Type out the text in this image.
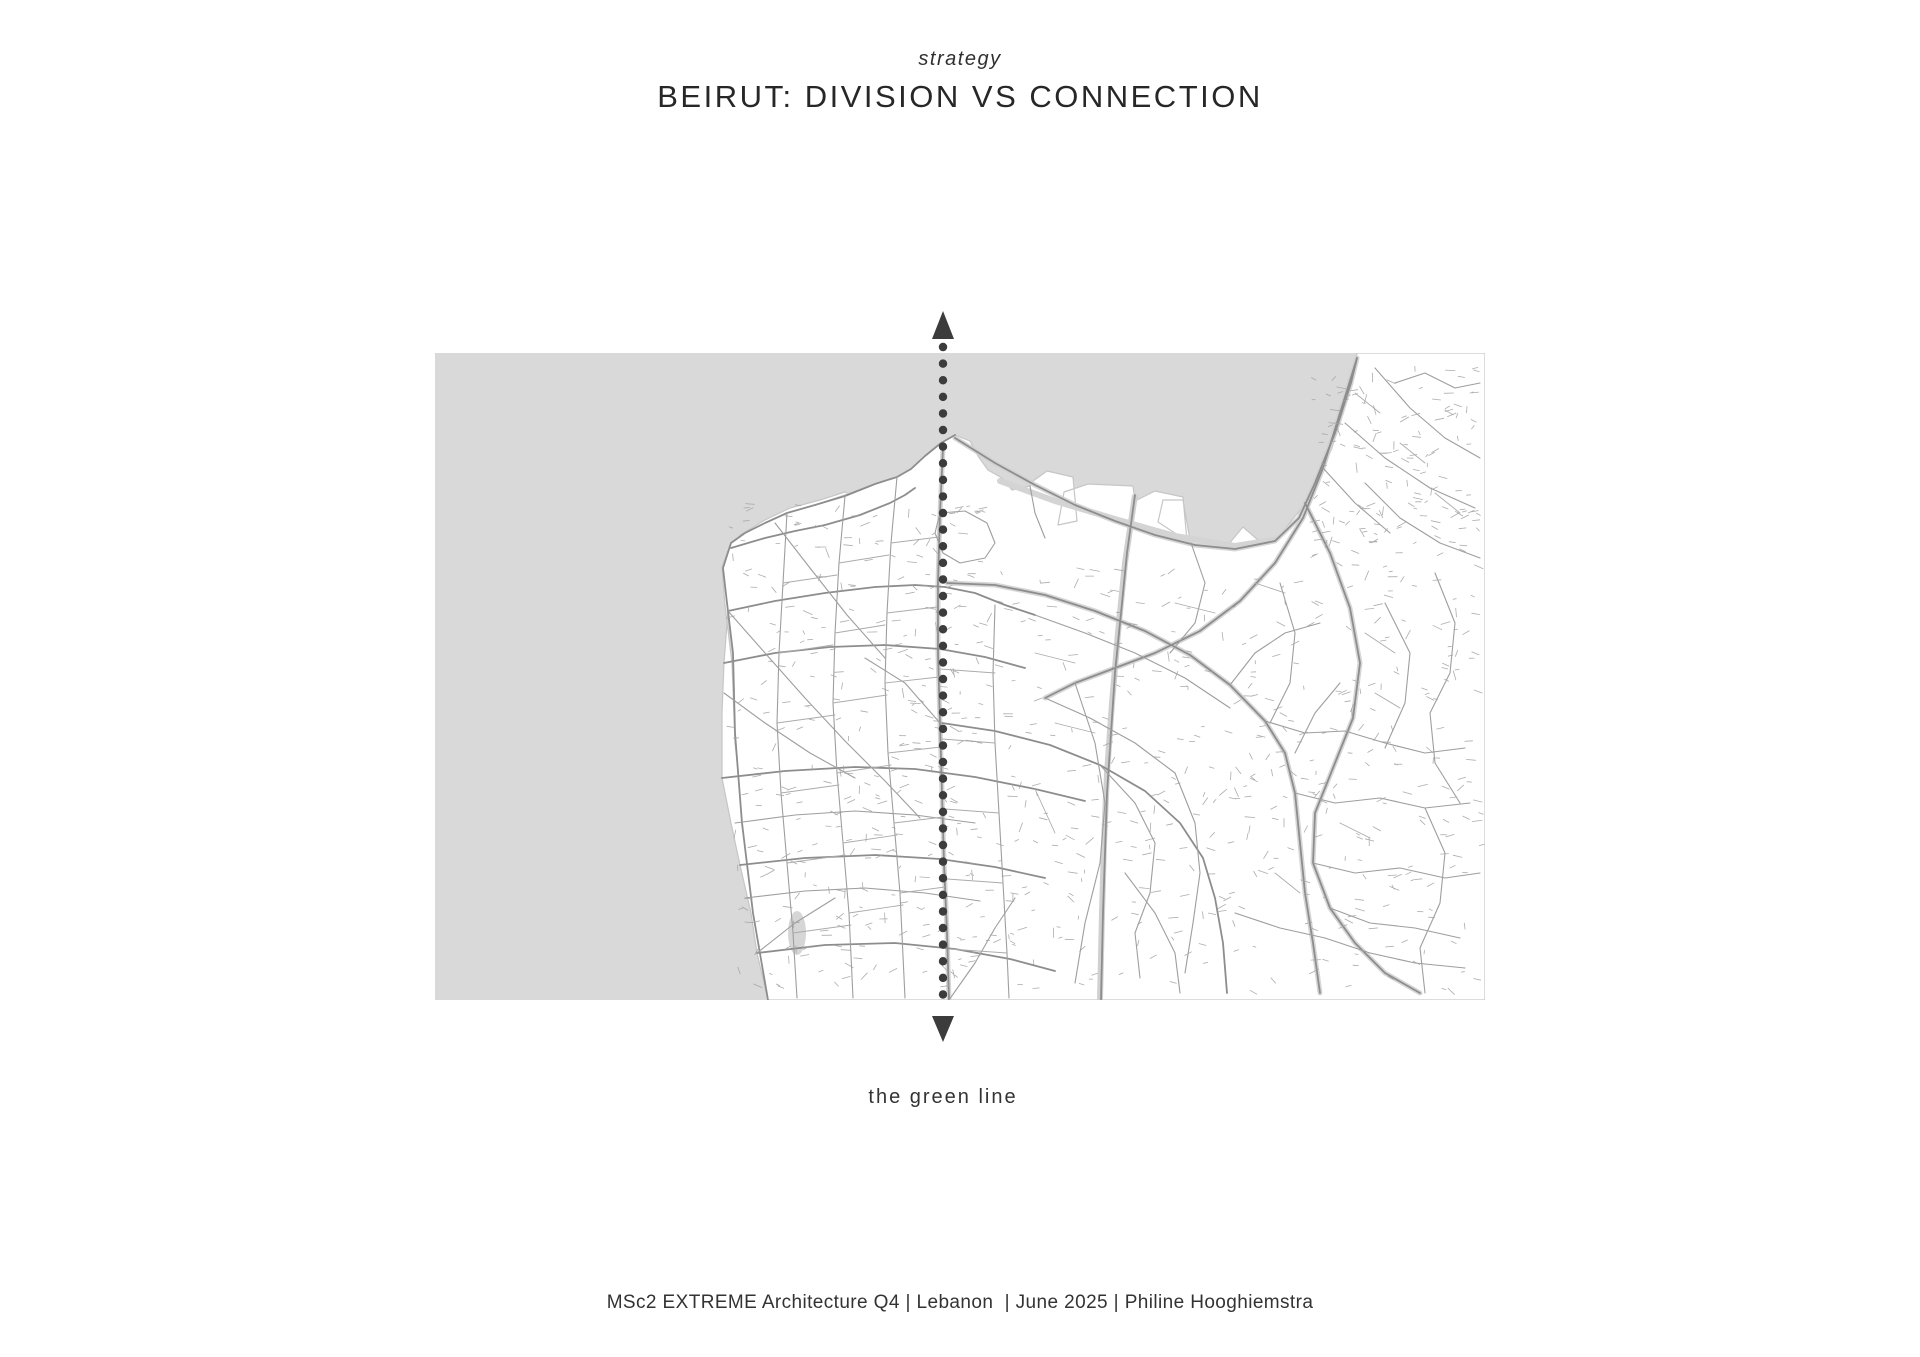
strategy
BEIRUT: DIVISION VS CONNECTION
the green line
MSc2 EXTREME Architecture Q4 | Lebanon  | June 2025 | Philine Hooghiemstra
